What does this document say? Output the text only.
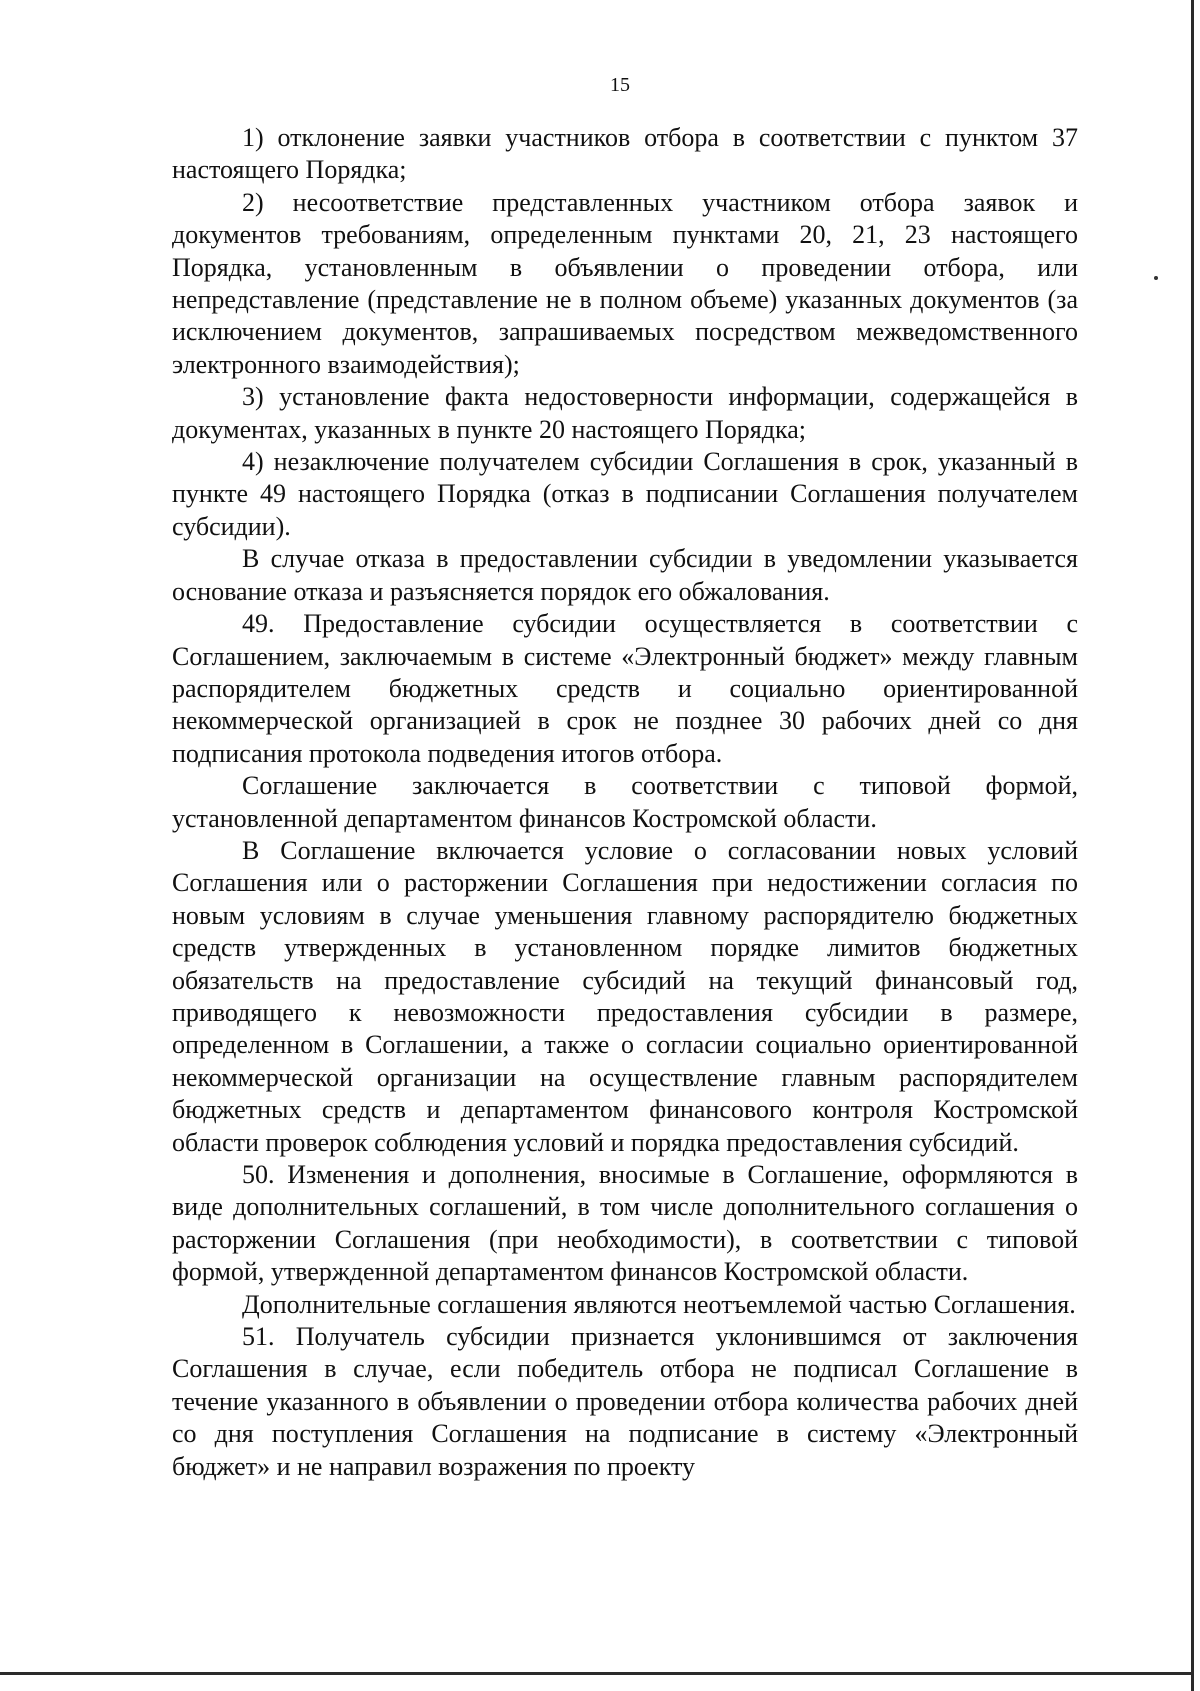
15

1) отклонение заявки участников отбора в соответствии с пунктом 37 настоящего Порядка;

2) несоответствие представленных участником отбора заявок и документов требованиям, определенным пунктами 20, 21, 23 настоящего Порядка, установленным в объявлении о проведении отбора, или непредставление (представление не в полном объеме) указанных документов (за исключением документов, запрашиваемых посредством межведомственного электронного взаимодействия);

3) установление факта недостоверности информации, содержащейся в документах, указанных в пункте 20 настоящего Порядка;

4) незаключение получателем субсидии Соглашения в срок, указанный в пункте 49 настоящего Порядка (отказ в подписании Соглашения получателем субсидии).

В случае отказа в предоставлении субсидии в уведомлении указывается основание отказа и разъясняется порядок его обжалования.

49. Предоставление субсидии осуществляется в соответствии с Соглашением, заключаемым в системе «Электронный бюджет» между главным распорядителем бюджетных средств и социально ориентированной некоммерческой организацией в срок не позднее 30 рабочих дней со дня подписания протокола подведения итогов отбора.

Соглашение заключается в соответствии с типовой формой, установленной департаментом финансов Костромской области.

В Соглашение включается условие о согласовании новых условий Соглашения или о расторжении Соглашения при недостижении согласия по новым условиям в случае уменьшения главному распорядителю бюджетных средств утвержденных в установленном порядке лимитов бюджетных обязательств на предоставление субсидий на текущий финансовый год, приводящего к невозможности предоставления субсидии в размере, определенном в Соглашении, а также о согласии социально ориентированной некоммерческой организации на осуществление главным распорядителем бюджетных средств и департаментом финансового контроля Костромской области проверок соблюдения условий и порядка предоставления субсидий.

50. Изменения и дополнения, вносимые в Соглашение, оформляются в виде дополнительных соглашений, в том числе дополнительного соглашения о расторжении Соглашения (при необходимости), в соответствии с типовой формой, утвержденной департаментом финансов Костромской области.

Дополнительные соглашения являются неотъемлемой частью Соглашения.

51. Получатель субсидии признается уклонившимся от заключения Соглашения в случае, если победитель отбора не подписал Соглашение в течение указанного в объявлении о проведении отбора количества рабочих дней со дня поступления Соглашения на подписание в систему «Электронный бюджет» и не направил возражения по проекту
